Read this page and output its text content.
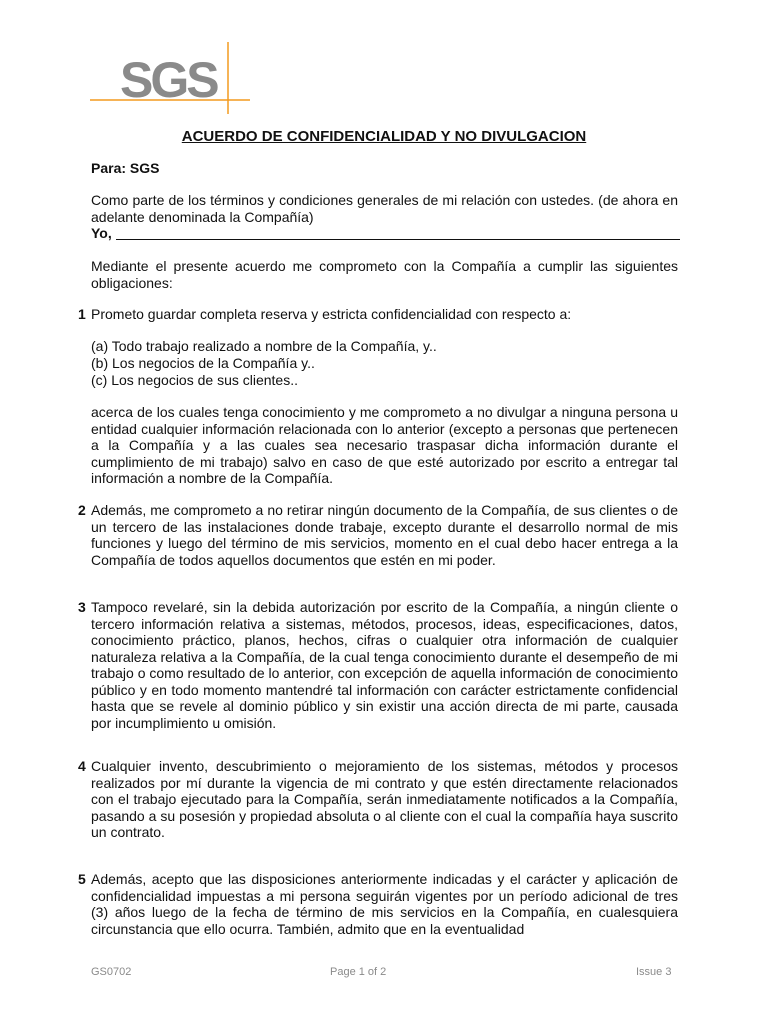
SGS
ACUERDO DE CONFIDENCIALIDAD Y NO DIVULGACION
Para: SGS
Como parte de los términos y condiciones generales de mi relación con ustedes. (de ahora en adelante denominada la Compañía)
Yo,
Mediante el presente acuerdo me comprometo con la Compañía a cumplir las siguientes obligaciones:
1 Prometo guardar completa reserva y estricta confidencialidad con respecto a:
(a) Todo trabajo realizado a nombre de la Compañía, y..
(b) Los negocios de la Compañía y..
(c) Los negocios de sus clientes..
acerca de los cuales tenga conocimiento y me comprometo a no divulgar a ninguna persona u entidad cualquier información relacionada con lo anterior (excepto a personas que pertenecen a la Compañía y a las cuales sea necesario traspasar dicha información durante el cumplimiento de mi trabajo) salvo en caso de que esté autorizado por escrito a entregar tal información a nombre de la Compañía.
2 Además, me comprometo a no retirar ningún documento de la Compañía, de sus clientes o de un tercero de las instalaciones donde trabaje, excepto durante el desarrollo normal de mis funciones y luego del término de mis servicios, momento en el cual debo hacer entrega a la Compañía de todos aquellos documentos que estén en mi poder.
3 Tampoco revelaré, sin la debida autorización por escrito de la Compañía, a ningún cliente o tercero información relativa a sistemas, métodos, procesos, ideas, especificaciones, datos, conocimiento práctico, planos, hechos, cifras o cualquier otra información de cualquier naturaleza relativa a la Compañía, de la cual tenga conocimiento durante el desempeño de mi trabajo o como resultado de lo anterior, con excepción de aquella información de conocimiento público y en todo momento mantendré tal información con carácter estrictamente confidencial hasta que se revele al dominio público y sin existir una acción directa de mi parte, causada por incumplimiento u omisión.
4 Cualquier invento, descubrimiento o mejoramiento de los sistemas, métodos y procesos realizados por mí durante la vigencia de mi contrato y que estén directamente relacionados con el trabajo ejecutado para la Compañía, serán inmediatamente notificados a la Compañía, pasando a su posesión y propiedad absoluta o al cliente con el cual la compañía haya suscrito un contrato.
5 Además, acepto que las disposiciones anteriormente indicadas y el carácter y aplicación de confidencialidad impuestas a mi persona seguirán vigentes por un período adicional de tres (3) años luego de la fecha de término de mis servicios en la Compañía, en cualesquiera circunstancia que ello ocurra. También, admito que en la eventualidad
GS0702	Page 1 of 2	Issue 3
